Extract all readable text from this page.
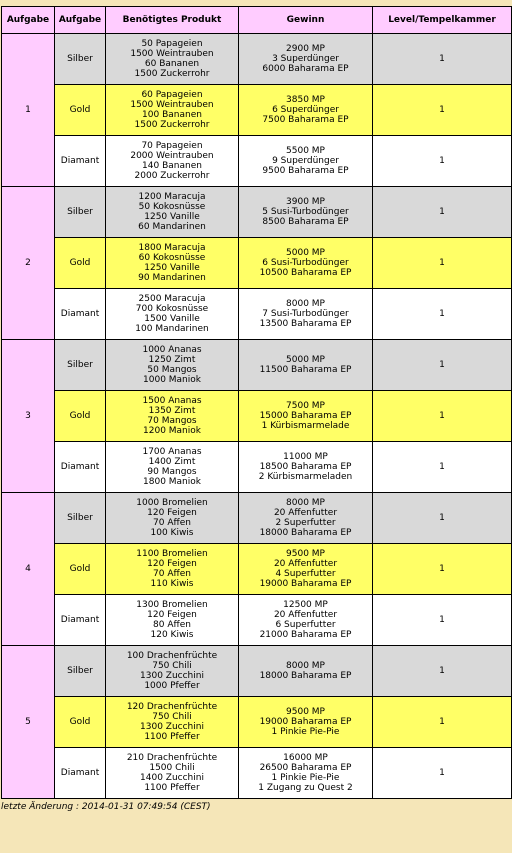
Aufgabe	Aufgabe	Benötigtes Produkt	Gewinn	Level/Tempelkammer
1	Silber	50 Papageien
1500 Weintrauben
60 Bananen
1500 Zuckerrohr	2900 MP
3 Superdünger
6000 Baharama EP	1
	Gold	60 Papageien
1500 Weintrauben
100 Bananen
1500 Zuckerrohr	3850 MP
6 Superdünger
7500 Baharama EP	1
	Diamant	70 Papageien
2000 Weintrauben
140 Bananen
2000 Zuckerrohr	5500 MP
9 Superdünger
9500 Baharama EP	1
2	Silber	1200 Maracuja
50 Kokosnüsse
1250 Vanille
60 Mandarinen	3900 MP
5 Susi-Turbodünger
8500 Baharama EP	1
	Gold	1800 Maracuja
60 Kokosnüsse
1250 Vanille
90 Mandarinen	5000 MP
6 Susi-Turbodünger
10500 Baharama EP	1
	Diamant	2500 Maracuja
700 Kokosnüsse
1500 Vanille
100 Mandarinen	8000 MP
7 Susi-Turbodünger
13500 Baharama EP	1
3	Silber	1000 Ananas
1250 Zimt
50 Mangos
1000 Maniok	5000 MP
11500 Baharama EP	1
	Gold	1500 Ananas
1350 Zimt
70 Mangos
1200 Maniok	7500 MP
15000 Baharama EP
1 Kürbismarmelade	1
	Diamant	1700 Ananas
1400 Zimt
90 Mangos
1800 Maniok	11000 MP
18500 Baharama EP
2 Kürbismarmeladen	1
4	Silber	1000 Bromelien
120 Feigen
70 Affen
100 Kiwis	8000 MP
20 Affenfutter
2 Superfutter
18000 Baharama EP	1
	Gold	1100 Bromelien
120 Feigen
70 Affen
110 Kiwis	9500 MP
20 Affenfutter
4 Superfutter
19000 Baharama EP	1
	Diamant	1300 Bromelien
120 Feigen
80 Affen
120 Kiwis	12500 MP
20 Affenfutter
6 Superfutter
21000 Baharama EP	1
5	Silber	100 Drachenfrüchte
750 Chili
1300 Zucchini
1000 Pfeffer	8000 MP
18000 Baharama EP	1
	Gold	120 Drachenfrüchte
750 Chili
1300 Zucchini
1100 Pfeffer	9500 MP
19000 Baharama EP
1 Pinkie Pie-Pie	1
	Diamant	210 Drachenfrüchte
1500 Chili
1400 Zucchini
1100 Pfeffer	16000 MP
26500 Baharama EP
1 Pinkie Pie-Pie
1 Zugang zu Quest 2	1
letzte Änderung : 2014-01-31 07:49:54 (CEST)
